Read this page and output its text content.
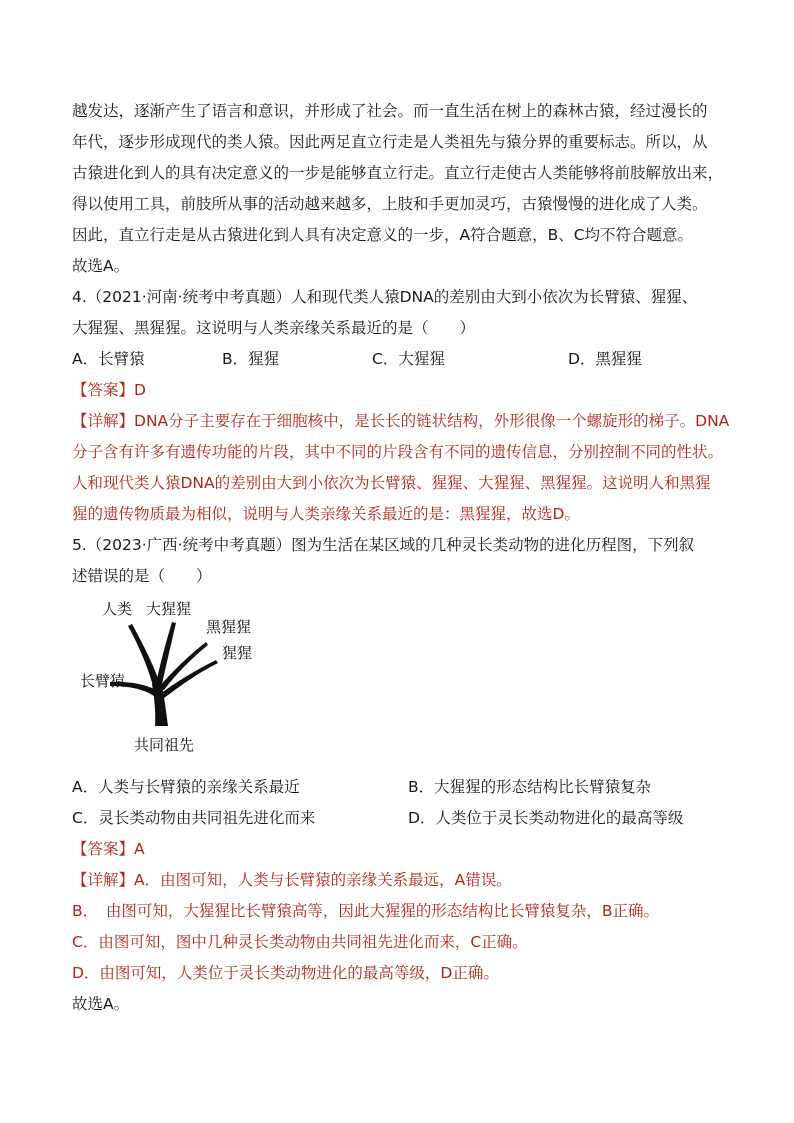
越发达，逐渐产生了语言和意识，并形成了社会。而一直生活在树上的森林古猿，经过漫长的
年代，逐步形成现代的类人猿。因此两足直立行走是人类祖先与猿分界的重要标志。所以，从
古猿进化到人的具有决定意义的一步是能够直立行走。直立行走使古人类能够将前肢解放出来，
得以使用工具，前肢所从事的活动越来越多，上肢和手更加灵巧，古猿慢慢的进化成了人类。
因此，直立行走是从古猿进化到人具有决定意义的一步，A符合题意，B、C均不符合题意。
故选A。
4.（2021·河南·统考中考真题）人和现代类人猿DNA的差别由大到小依次为长臂猿、猩猩、
大猩猩、黑猩猩。这说明与人类亲缘关系最近的是（　　）
A．长臂猿	B．猩猩	C．大猩猩	D．黑猩猩
【答案】D
【详解】DNA分子主要存在于细胞核中，是长长的链状结构，外形很像一个螺旋形的梯子。DNA
分子含有许多有遗传功能的片段，其中不同的片段含有不同的遗传信息，分别控制不同的性状。
人和现代类人猿DNA的差别由大到小依次为长臂猿、猩猩、大猩猩、黑猩猩。这说明人和黑猩
猩的遗传物质最为相似，说明与人类亲缘关系最近的是：黑猩猩，故选D。
5.（2023·广西·统考中考真题）图为生活在某区域的几种灵长类动物的进化历程图，下列叙
述错误的是（　　）
人类 大猩猩
黑猩猩
猩猩
长臂猿
共同祖先
A．人类与长臂猿的亲缘关系最近	B．大猩猩的形态结构比长臂猿复杂
C．灵长类动物由共同祖先进化而来	D．人类位于灵长类动物进化的最高等级
【答案】A
【详解】A．由图可知，人类与长臂猿的亲缘关系最远，A错误。
B．　由图可知，大猩猩比长臂猿高等，因此大猩猩的形态结构比长臂猿复杂，B正确。
C．由图可知，图中几种灵长类动物由共同祖先进化而来，C正确。
D．由图可知，人类位于灵长类动物进化的最高等级，D正确。
故选A。
